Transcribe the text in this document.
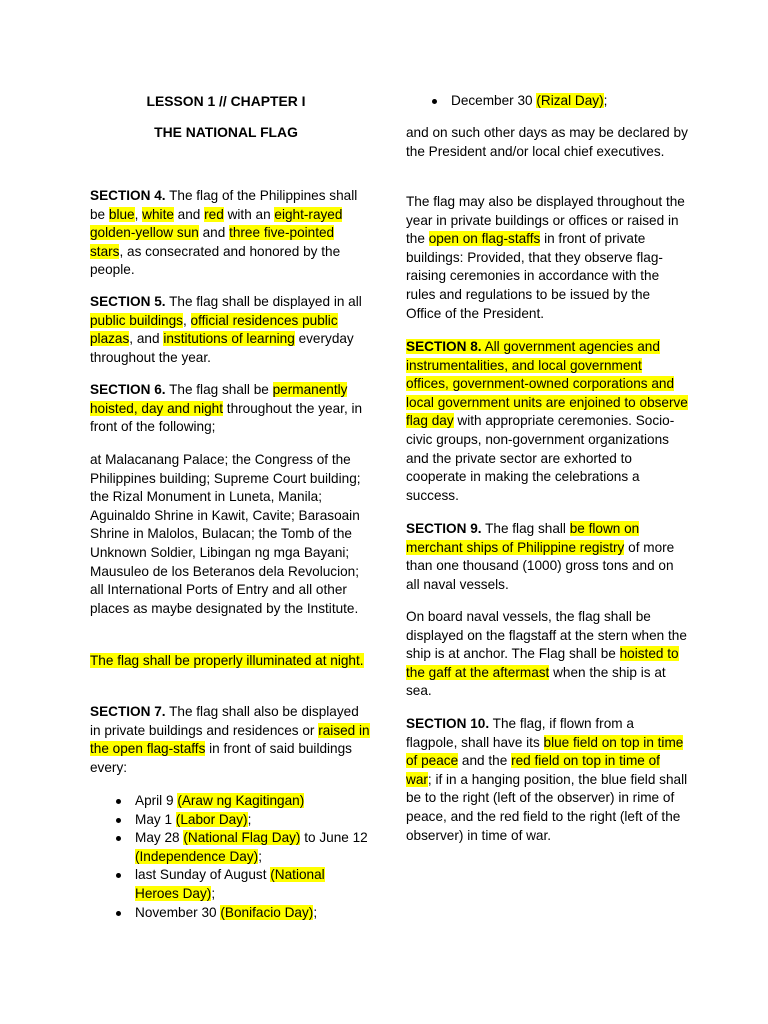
LESSON 1 // CHAPTER I
THE NATIONAL FLAG

SECTION 4. The flag of the Philippines shall be blue, white and red with an eight-rayed golden-yellow sun and three five-pointed stars, as consecrated and honored by the people.

SECTION 5. The flag shall be displayed in all public buildings, official residences public plazas, and institutions of learning everyday throughout the year.

SECTION 6. The flag shall be permanently hoisted, day and night throughout the year, in front of the following;

at Malacanang Palace; the Congress of the Philippines building; Supreme Court building; the Rizal Monument in Luneta, Manila; Aguinaldo Shrine in Kawit, Cavite; Barasoain Shrine in Malolos, Bulacan; the Tomb of the Unknown Soldier, Libingan ng mga Bayani; Mausuleo de los Beteranos dela Revolucion; all International Ports of Entry and all other places as maybe designated by the Institute.

The flag shall be properly illuminated at night.

SECTION 7. The flag shall also be displayed in private buildings and residences or raised in the open flag-staffs in front of said buildings every:

April 9 (Araw ng Kagitingan)
May 1 (Labor Day);
May 28 (National Flag Day) to June 12 (Independence Day);
last Sunday of August (National Heroes Day);
November 30 (Bonifacio Day);
December 30 (Rizal Day);

and on such other days as may be declared by the President and/or local chief executives.

The flag may also be displayed throughout the year in private buildings or offices or raised in the open on flag-staffs in front of private buildings: Provided, that they observe flag-raising ceremonies in accordance with the rules and regulations to be issued by the Office of the President.

SECTION 8. All government agencies and instrumentalities, and local government offices, government-owned corporations and local government units are enjoined to observe flag day with appropriate ceremonies. Socio-civic groups, non-government organizations and the private sector are exhorted to cooperate in making the celebrations a success.

SECTION 9. The flag shall be flown on merchant ships of Philippine registry of more than one thousand (1000) gross tons and on all naval vessels.

On board naval vessels, the flag shall be displayed on the flagstaff at the stern when the ship is at anchor. The Flag shall be hoisted to the gaff at the aftermast when the ship is at sea.

SECTION 10. The flag, if flown from a flagpole, shall have its blue field on top in time of peace and the red field on top in time of war; if in a hanging position, the blue field shall be to the right (left of the observer) in rime of peace, and the red field to the right (left of the observer) in time of war.
